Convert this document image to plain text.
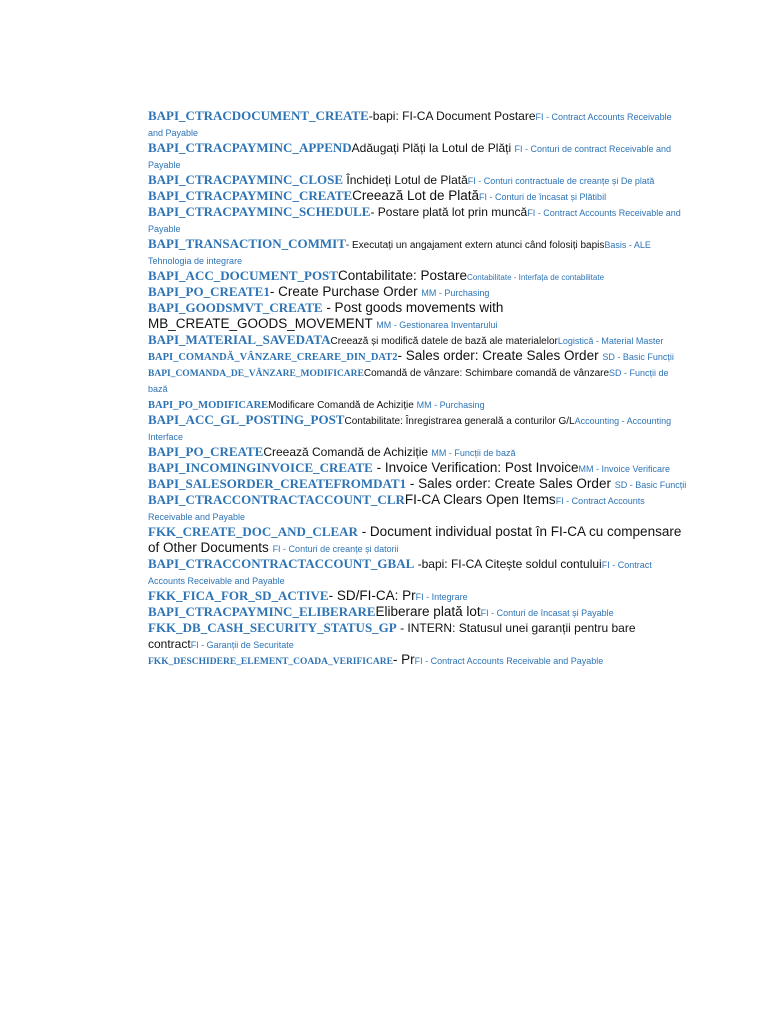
BAPI_CTRACDOCUMENT_CREATE-bapi: FI-CA Document PostareFI - Contract Accounts Receivable and Payable
BAPI_CTRACPAYMINC_APPENDAdăugați Plăți la Lotul de Plăți FI - Conturi de contract Receivable and Payable
BAPI_CTRACPAYMINC_CLOSE Închideți Lotul de PlatăFI - Conturi contractuale de creanțe și De plată
BAPI_CTRACPAYMINC_CREATECreează Lot de PlatăFI - Conturi de încasat și Plătibil
BAPI_CTRACPAYMINC_SCHEDULE- Postare plată lot prin muncăFI - Contract Accounts Receivable and Payable
BAPI_TRANSACTION_COMMIT- Executați un angajament extern atunci când folosiți bapisBasis - ALE Tehnologia de integrare
BAPI_ACC_DOCUMENT_POSTContabilitate: PostareContabilitate - Interfața de contabilitate
BAPI_PO_CREATE1- Create Purchase Order MM - Purchasing
BAPI_GOODSMVT_CREATE - Post goods movements with MB_CREATE_GOODS_MOVEMENT MM - Gestionarea Inventarului
BAPI_MATERIAL_SAVEDATACreează și modifică datele de bază ale materialelorLogistică - Material Master
BAPI_COMANDĂ_VÂNZARE_CREARE_DIN_DAT2- Sales order: Create Sales Order SD - Basic Funcții
BAPI_COMANDA_DE_VÂNZARE_MODIFICAREComandă de vânzare: Schimbare comandă de vânzareSD - Funcții de bază
BAPI_PO_MODIFICAREModificare Comandă de Achiziție MM - Purchasing
BAPI_ACC_GL_POSTING_POSTContabilitate: Înregistrarea generală a conturilor G/LAccounting - Accounting Interface
BAPI_PO_CREATECreează Comandă de Achiziție MM - Funcții de bază
BAPI_INCOMINGINVOICE_CREATE - Invoice Verification: Post InvoiceMM - Invoice Verificare
BAPI_SALESORDER_CREATEFROMDAT1 - Sales order: Create Sales Order SD - Basic Funcții
BAPI_CTRACCONTRACTACCOUNT_CLRFI-CA Clears Open ItemsFI - Contract Accounts Receivable and Payable
FKK_CREATE_DOC_AND_CLEAR - Document individual postat în FI-CA cu compensare of Other Documents FI - Conturi de creanțe și datorii
BAPI_CTRACCONTRACTACCOUNT_GBAL -bapi: FI-CA Citește soldul contuluiFI - Contract Accounts Receivable and Payable
FKK_FICA_FOR_SD_ACTIVE- SD/FI-CA: PrFI - Integrare
BAPI_CTRACPAYMINC_ELIBERAREEliberare plată lotFI - Conturi de încasat și Payable
FKK_DB_CASH_SECURITY_STATUS_GP - INTERN: Statusul unei garanții pentru bare contractFI - Garanții de Securitate
FKK_DESCHIDERE_ELEMENT_COADA_VERIFICARE- PrFI - Contract Accounts Receivable and Payable
